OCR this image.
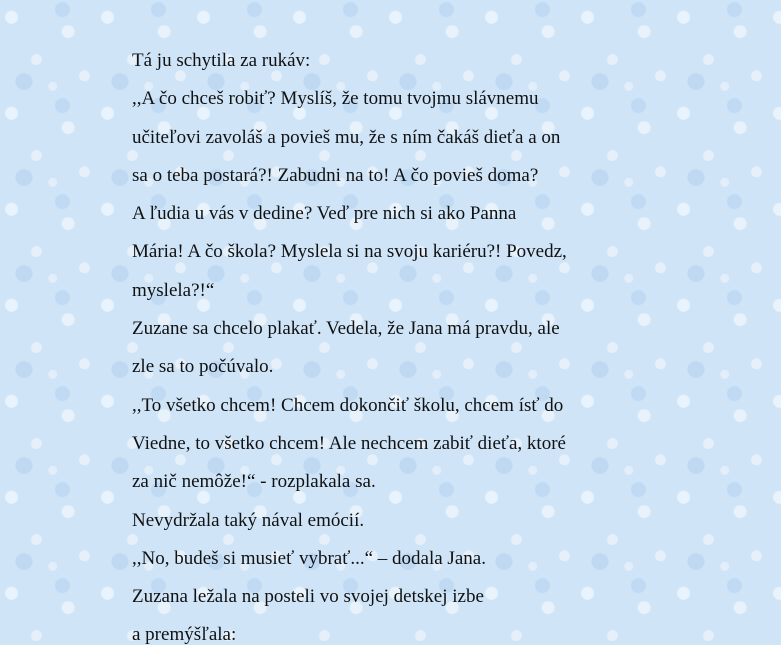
Tá ju schytila za rukáv:
,,A čo chceš robiť? Myslíš, že tomu tvojmu slávnemu
učiteľovi zavoláš a povieš mu, že s ním čakáš dieťa a on
sa o teba postará?! Zabudni na to! A čo povieš doma?
A ľudia u vás v dedine? Veď pre nich si ako Panna
Mária! A čo škola? Myslela si na svoju kariéru?! Povedz,
myslela?!“
Zuzane sa chcelo plakať. Vedela, že Jana má pravdu, ale
zle sa to počúvalo.
,,To všetko chcem! Chcem dokončiť školu, chcem ísť do
Viedne, to všetko chcem! Ale nechcem zabiť dieťa, ktoré
za nič nemôže!“ - rozplakala sa.
Nevydržala taký nával emócií.
,,No, budeš si musieť vybrať...“ – dodala Jana.
Zuzana ležala na posteli vo svojej detskej izbe
a premýšľala:
